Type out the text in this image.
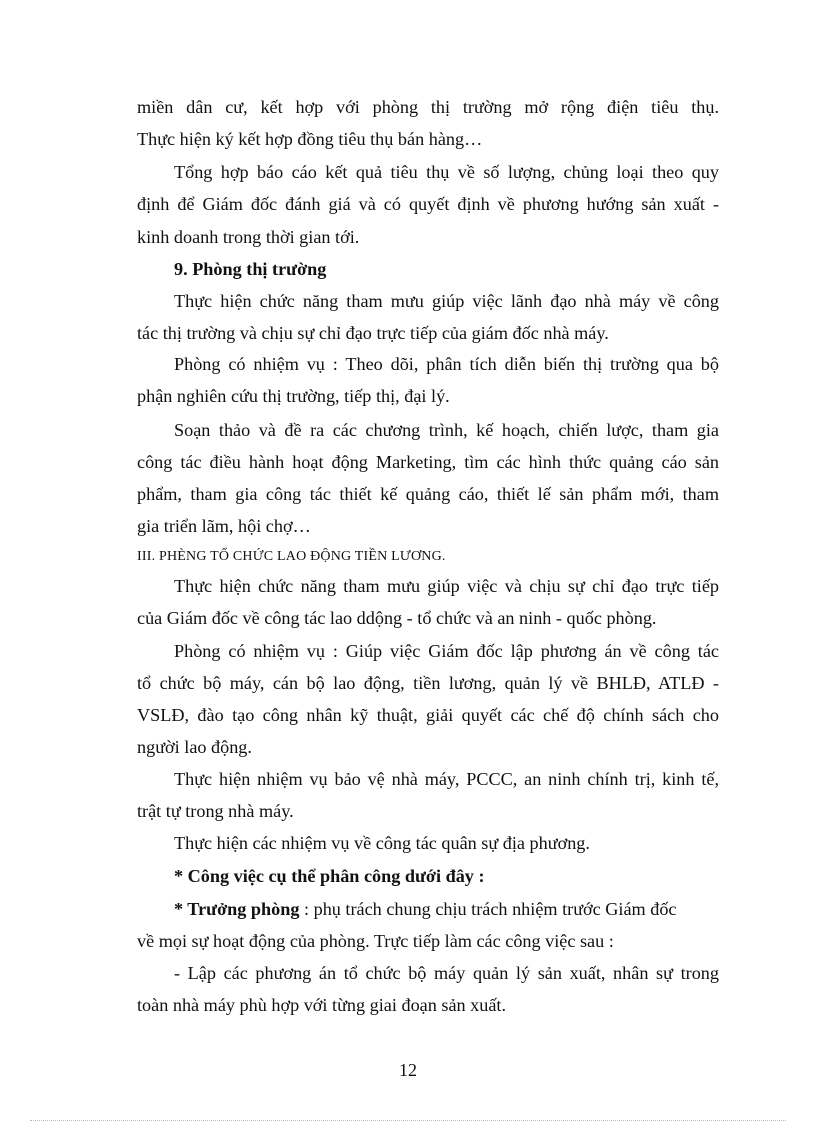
miền dân cư, kết hợp với phòng thị trường mở rộng điện tiêu thụ.
Thực hiện ký kết hợp đồng tiêu thụ bán hàng…
Tổng hợp báo cáo kết quả tiêu thụ về số lượng, chủng loại theo quy
định để Giám đốc đánh giá và có quyết định về phương hướng sản xuất -
kinh doanh trong thời gian tới.
9. Phòng thị trường
Thực hiện chức năng tham mưu giúp việc lãnh đạo nhà máy về công
tác thị trường và chịu sự chỉ đạo trực tiếp của giám đốc nhà máy.
Phòng có nhiệm vụ : Theo dõi, phân tích diễn biến thị trường qua bộ
phận nghiên cứu thị trường, tiếp thị, đại lý.
Soạn thảo và đề ra các chương trình, kế hoạch, chiến lược, tham gia
công tác điều hành hoạt động Marketing, tìm các hình thức quảng cáo sản
phẩm, tham gia công tác thiết kế quảng cáo, thiết lế sản phẩm mới, tham
gia triển lãm, hội chợ…
III. PHÈNG TỔ CHỨC LAO ĐỘNG TIỀN LƯƠNG.
Thực hiện chức năng tham mưu giúp việc và chịu sự chỉ đạo trực tiếp
của Giám đốc về công tác lao ddộng - tổ chức và an ninh - quốc phòng.
Phòng có nhiệm vụ : Giúp việc Giám đốc lập phương án về công tác
tổ chức bộ máy, cán bộ lao động, tiền lương, quản lý về BHLĐ, ATLĐ -
VSLĐ, đào tạo công nhân kỹ thuật, giải quyết các chế độ chính sách cho
người lao động.
Thực hiện nhiệm vụ bảo vệ nhà máy, PCCC, an ninh chính trị, kinh tế,
trật tự trong nhà máy.
Thực hiện các nhiệm vụ về công tác quân sự địa phương.
* Công việc cụ thể phân công dưới đây :
* Trưởng phòng : phụ trách chung chịu trách nhiệm trước Giám đốc
về mọi sự hoạt động của phòng. Trực tiếp làm các công việc sau :
- Lập các phương án tổ chức bộ máy quản lý sản xuất, nhân sự trong
toàn nhà máy phù hợp với từng giai đoạn sản xuất.
12
